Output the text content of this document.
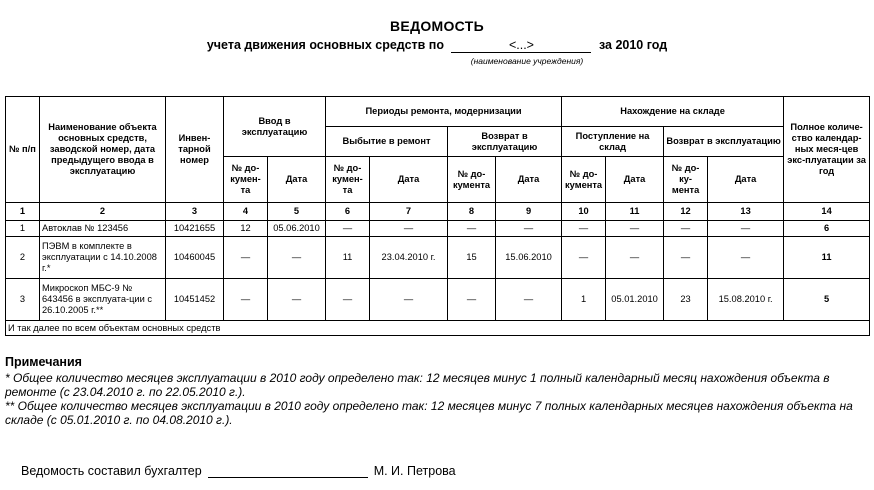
ВЕДОМОСТЬ
учета движения основных средств по	<...>	за 2010 год
(наименование учреждения)
№ п/п	Наименование объекта основных средств, заводской номер, дата предыдущего ввода в эксплуатацию	Инвен-тарной номер	Ввод в эксплуатацию		Периоды ремонта, модернизации				Нахождение на складе				Полное количе-ство календар-ных меся-цев экс-плуатации за год
					Выбытие в ремонт		Возврат в эксплуатацию		Поступление на склад		Возврат в эксплуатацию		
			№ до-кумен-та	Дата	№ до-кумен-та	Дата	№ до-кумента	Дата	№ до-кумента	Дата	№ до-ку-мента	Дата	
1	2	3	4	5	6	7	8	9	10	11	12	13	14
1	Автоклав № 123456	10421655	12	05.06.2010	—	—	—	—	—	—	—	—	6
2	ПЭВМ в комплекте в эксплуатации с 14.10.2008 г.*	10460045	—	—	11	23.04.2010 г.	15	15.06.2010	—	—	—	—	11
3	Микроскоп МБС-9 № 643456 в эксплуата-ции с 26.10.2005 г.**	10451452	—	—	—	—	—	—	1	05.01.2010	23	15.08.2010 г.	5
И так далее по всем объектам основных средств													
Примечания
* Общее количество месяцев эксплуатации в 2010 году определено так: 12 месяцев минус 1 полный календарный месяц нахождения объекта в ремонте (с 23.04.2010 г. по 22.05.2010 г.).
** Общее количество месяцев эксплуатации в 2010 году определено так: 12 месяцев минус 7 полных календарных месяцев нахождения объекта на складе (с 05.01.2010 г. по 04.08.2010 г.).
Ведомость составил бухгалтер	М. И. Петрова
